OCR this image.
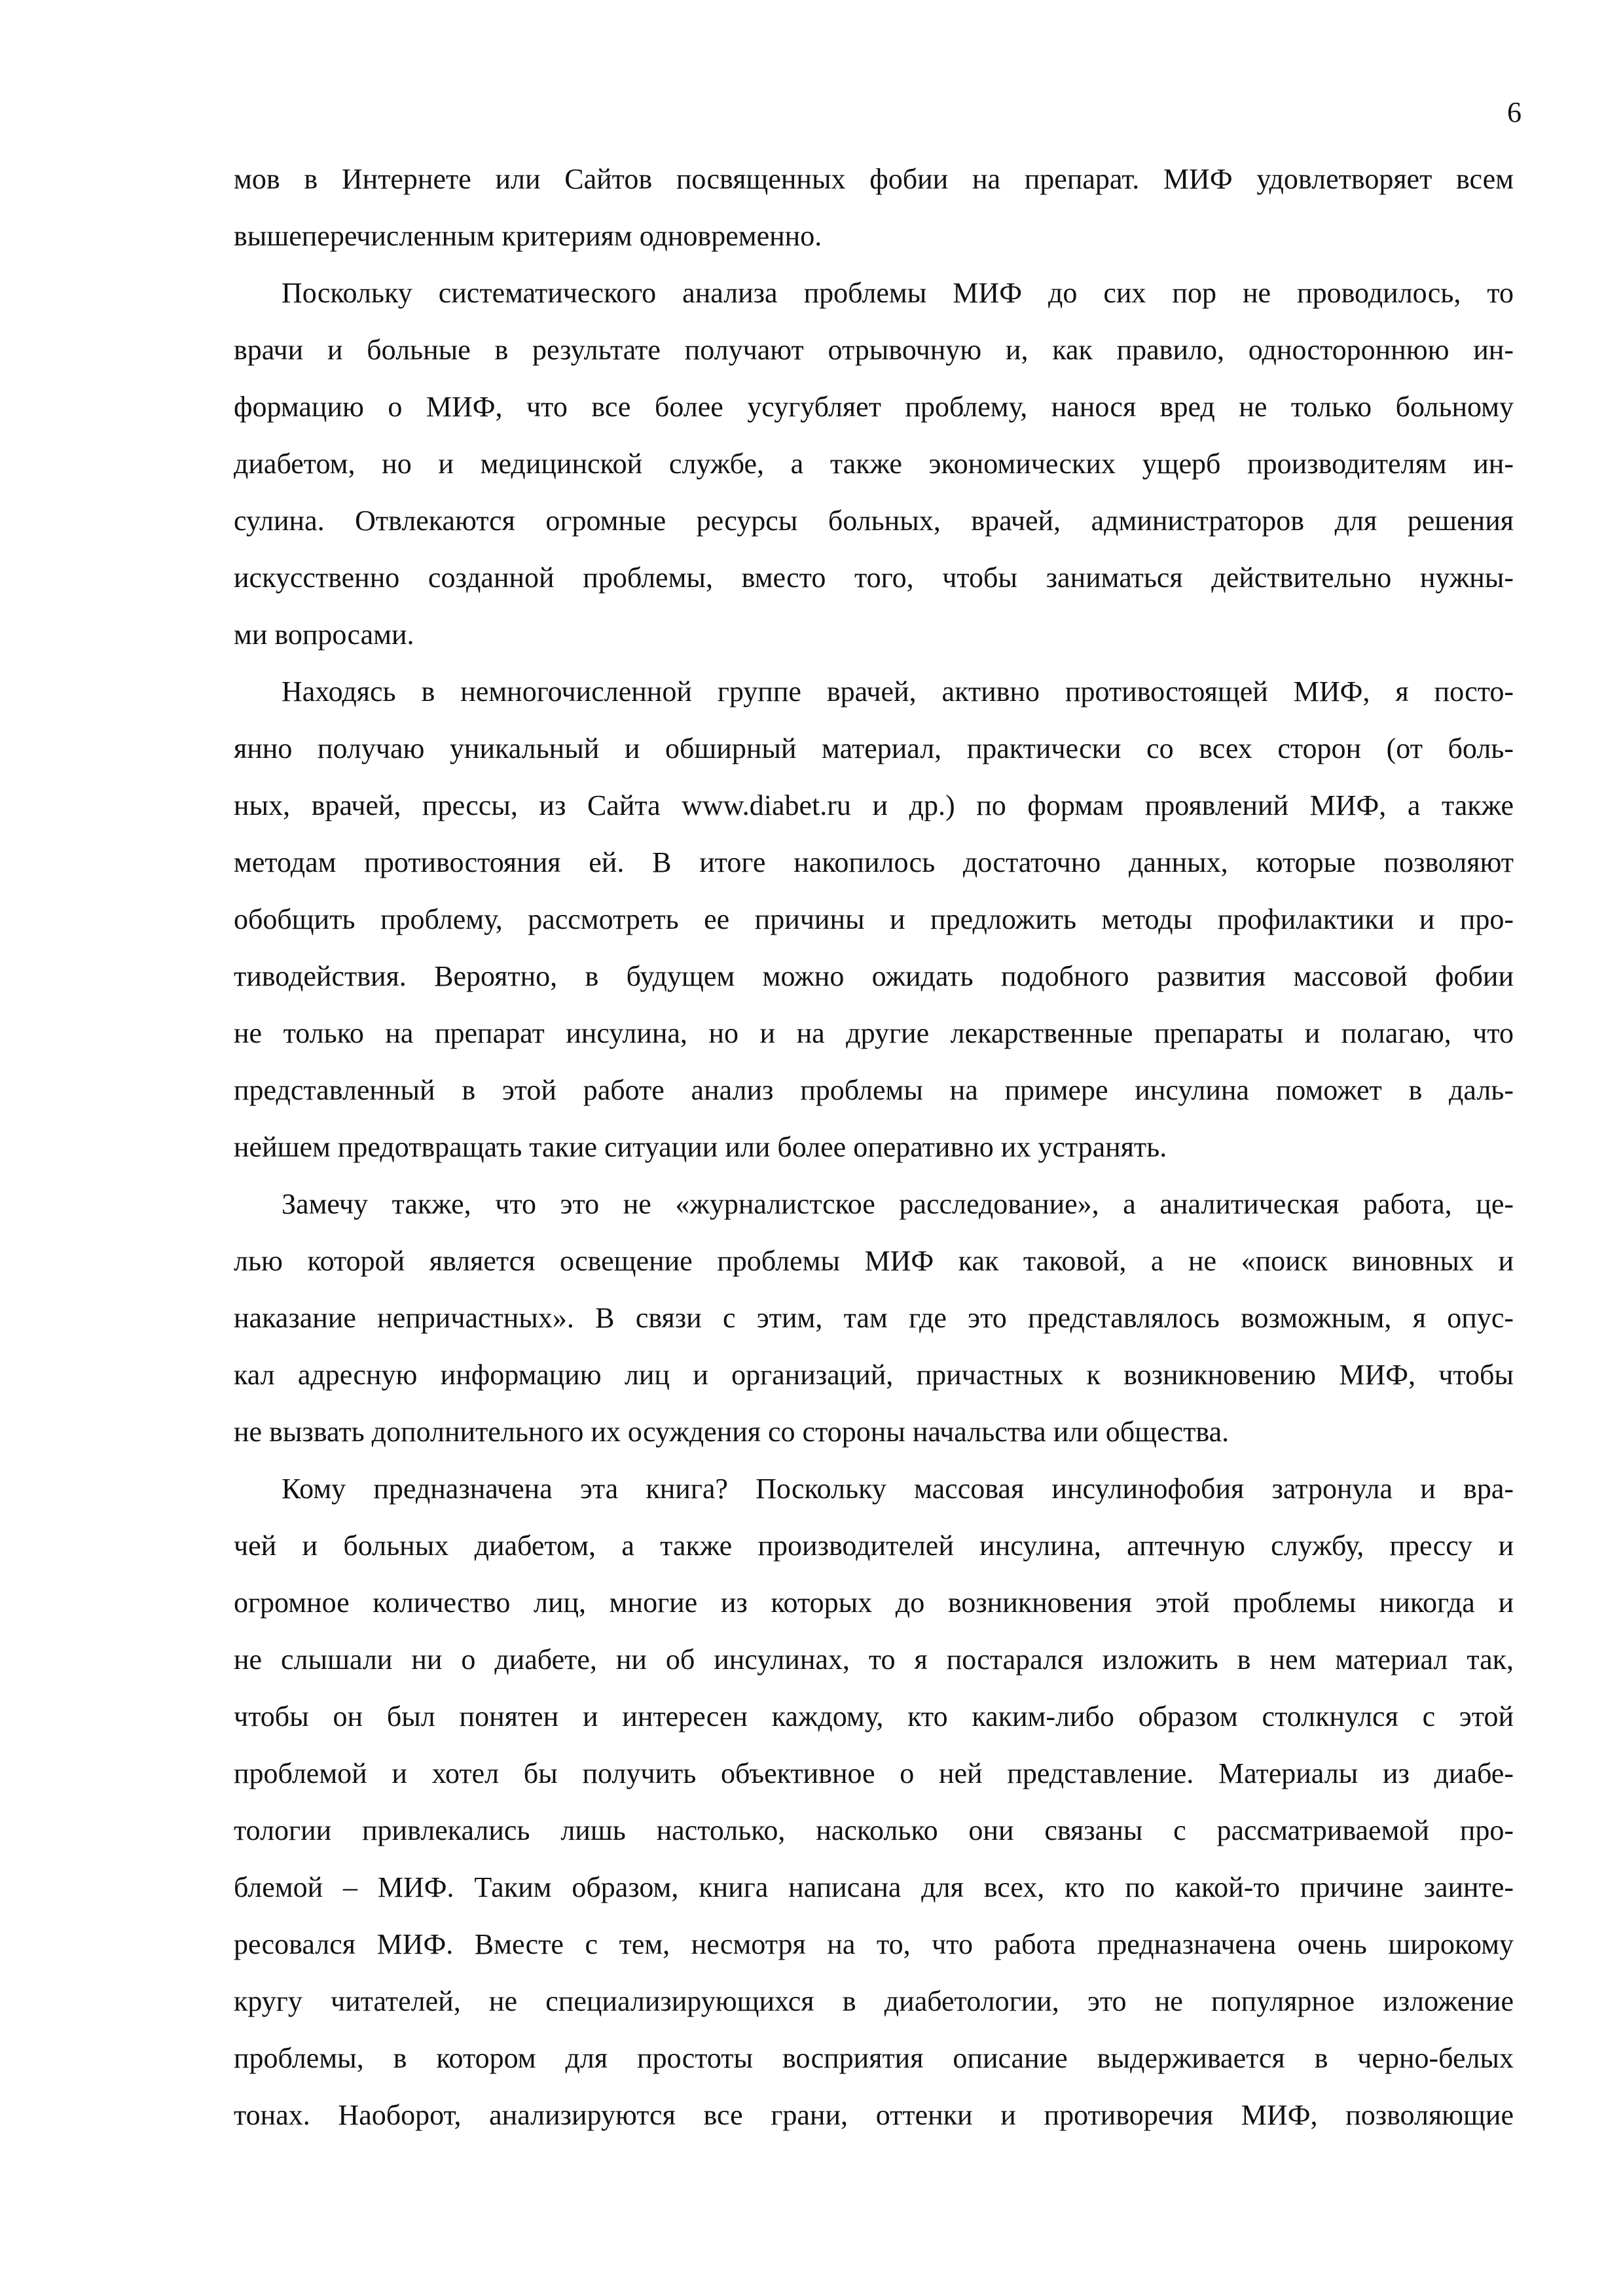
6
мов в Интернете или Сайтов посвященных фобии на препарат. МИФ удовлетворяет всем
вышеперечисленным критериям одновременно.
Поскольку систематического анализа проблемы МИФ до сих пор не проводилось, то
врачи и больные в результате получают отрывочную и, как правило, одностороннюю ин-
формацию о МИФ, что все более усугубляет проблему, нанося вред не только больному
диабетом, но и медицинской службе, а также экономических ущерб производителям ин-
сулина. Отвлекаются огромные ресурсы больных, врачей, администраторов для решения
искусственно созданной проблемы, вместо того, чтобы заниматься действительно нужны-
ми вопросами.
Находясь в немногочисленной группе врачей, активно противостоящей МИФ, я посто-
янно получаю уникальный и обширный материал, практически со всех сторон (от боль-
ных, врачей, прессы, из Сайта www.diabet.ru и др.) по формам проявлений МИФ, а также
методам противостояния ей. В итоге накопилось достаточно данных, которые позволяют
обобщить проблему, рассмотреть ее причины и предложить методы профилактики и про-
тиводействия. Вероятно, в будущем можно ожидать подобного развития массовой фобии
не только на препарат инсулина, но и на другие лекарственные препараты и полагаю, что
представленный в этой работе анализ проблемы на примере инсулина поможет в даль-
нейшем предотвращать такие ситуации или более оперативно их устранять.
Замечу также, что это не «журналистское расследование», а аналитическая работа, це-
лью которой является освещение проблемы МИФ как таковой, а не «поиск виновных и
наказание непричастных». В связи с этим, там где это представлялось возможным, я опус-
кал адресную информацию лиц и организаций, причастных к возникновению МИФ, чтобы
не вызвать дополнительного их осуждения со стороны начальства или общества.
Кому предназначена эта книга? Поскольку массовая инсулинофобия затронула и вра-
чей и больных диабетом, а также производителей инсулина, аптечную службу, прессу и
огромное количество лиц, многие из которых до возникновения этой проблемы никогда и
не слышали ни о диабете, ни об инсулинах, то я постарался изложить в нем материал так,
чтобы он был понятен и интересен каждому, кто каким-либо образом столкнулся с этой
проблемой и хотел бы получить объективное о ней представление. Материалы из диабе-
тологии привлекались лишь настолько, насколько они связаны с рассматриваемой про-
блемой – МИФ. Таким образом, книга написана для всех, кто по какой-то причине заинте-
ресовался МИФ. Вместе с тем, несмотря на то, что работа предназначена очень широкому
кругу читателей, не специализирующихся в диабетологии, это не популярное изложение
проблемы, в котором для простоты восприятия описание выдерживается в черно-белых
тонах. Наоборот, анализируются все грани, оттенки и противоречия МИФ, позволяющие
